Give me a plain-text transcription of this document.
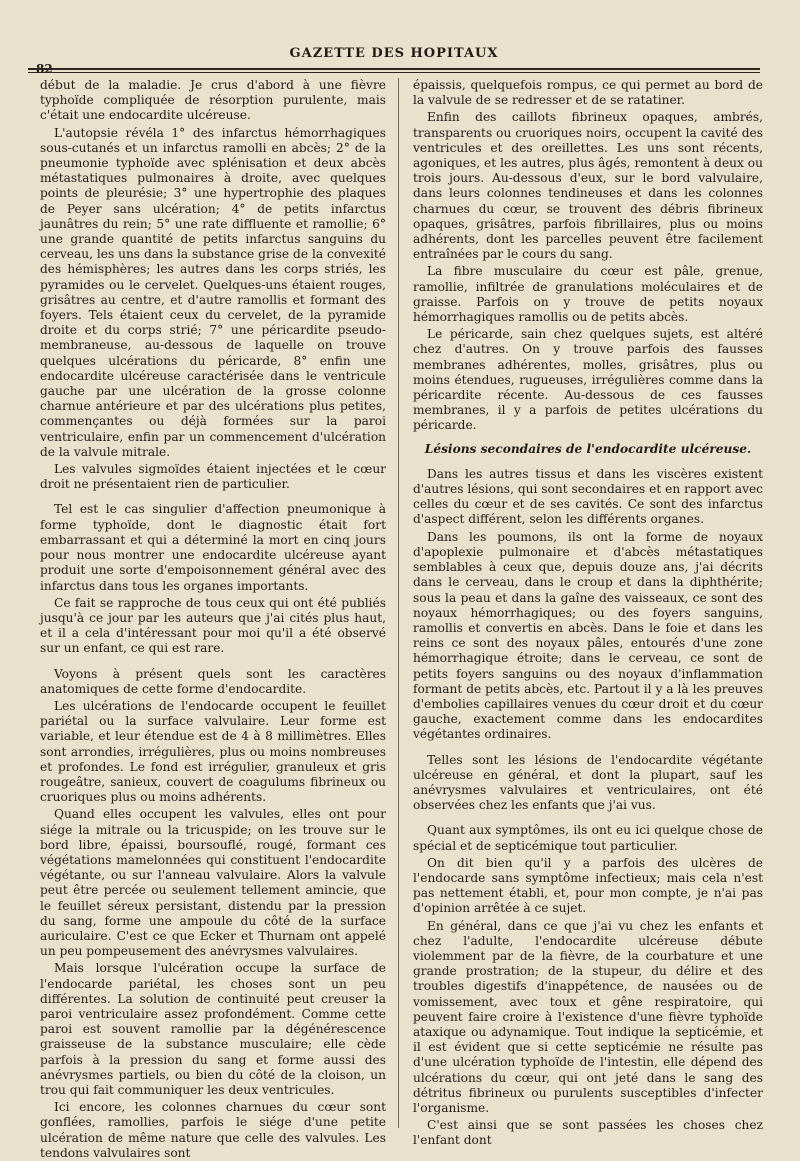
82
GAZETTE DES HOPITAUX

début de la maladie. Je crus d'abord à une fièvre typhoïde compliquée de résorption purulente, mais c'était une endocardite ulcéreuse.

L'autopsie révéla 1° des infarctus hémorrhagiques sous-cutanés et un infarctus ramolli en abcès; 2° de la pneumonie typhoïde avec splénisation et deux abcès métastatiques pulmonaires à droite, avec quelques points de pleurésie; 3° une hypertrophie des plaques de Peyer sans ulcération; 4° de petits infarctus jaunâtres du rein; 5° une rate diffluente et ramollie; 6° une grande quantité de petits infarctus sanguins du cerveau, les uns dans la substance grise de la convexité des hémisphères; les autres dans les corps striés, les pyramides ou le cervelet. Quelques-uns étaient rouges, grisâtres au centre, et d'autre ramollis et formant des foyers. Tels étaient ceux du cervelet, de la pyramide droite et du corps strié; 7° une péricardite pseudo-membraneuse, au-dessous de laquelle on trouve quelques ulcérations du péricarde, 8° enfin une endocardite ulcéreuse caractérisée dans le ventricule gauche par une ulcération de la grosse colonne charnue antérieure et par des ulcérations plus petites, commençantes ou déjà formées sur la paroi ventriculaire, enfin par un commencement d'ulcération de la valvule mitrale.

Les valvules sigmoïdes étaient injectées et le cœur droit ne présentaient rien de particulier.

Tel est le cas singulier d'affection pneumonique à forme typhoïde, dont le diagnostic était fort embarrassant et qui a déterminé la mort en cinq jours pour nous montrer une endocardite ulcéreuse ayant produit une sorte d'empoisonnement général avec des infarctus dans tous les organes importants.

Ce fait se rapproche de tous ceux qui ont été publiés jusqu'à ce jour par les auteurs que j'ai cités plus haut, et il a cela d'intéressant pour moi qu'il a été observé sur un enfant, ce qui est rare.

Voyons à présent quels sont les caractères anatomiques de cette forme d'endocardite.

Les ulcérations de l'endocarde occupent le feuillet pariétal ou la surface valvulaire. Leur forme est variable, et leur étendue est de 4 à 8 millimètres. Elles sont arrondies, irrégulières, plus ou moins nombreuses et profondes. Le fond est irrégulier, granuleux et gris rougeâtre, sanieux, couvert de coagulums fibrineux ou cruoriques plus ou moins adhérents.

Quand elles occupent les valvules, elles ont pour siége la mitrale ou la tricuspide; on les trouve sur le bord libre, épaissi, boursouflé, rougé, formant ces végétations mamelonnées qui constituent l'endocardite végétante, ou sur l'anneau valvulaire. Alors la valvule peut être percée ou seulement tellement amincie, que le feuillet séreux persistant, distendu par la pression du sang, forme une ampoule du côté de la surface auriculaire. C'est ce que Ecker et Thurnam ont appelé un peu pompeusement des anévrysmes valvulaires.

Mais lorsque l'ulcération occupe la surface de l'endocarde pariétal, les choses sont un peu différentes. La solution de continuité peut creuser la paroi ventriculaire assez profondément. Comme cette paroi est souvent ramollie par la dégénérescence graisseuse de la substance musculaire; elle cède parfois à la pression du sang et forme aussi des anévrysmes partiels, ou bien du côté de la cloison, un trou qui fait communiquer les deux ventricules.

Ici encore, les colonnes charnues du cœur sont gonflées, ramollies, parfois le siége d'une petite ulcération de même nature que celle des valvules. Les tendons valvulaires sont

épaissis, quelquefois rompus, ce qui permet au bord de la valvule de se redresser et de se ratatiner.

Enfin des caillots fibrineux opaques, ambrés, transparents ou cruoriques noirs, occupent la cavité des ventricules et des oreillettes. Les uns sont récents, agoniques, et les autres, plus âgés, remontent à deux ou trois jours. Au-dessous d'eux, sur le bord valvulaire, dans leurs colonnes tendineuses et dans les colonnes charnues du cœur, se trouvent des débris fibrineux opaques, grisâtres, parfois fibrillaires, plus ou moins adhérents, dont les parcelles peuvent être facilement entraînées par le cours du sang.

La fibre musculaire du cœur est pâle, grenue, ramollie, infiltrée de granulations moléculaires et de graisse. Parfois on y trouve de petits noyaux hémorrhagiques ramollis ou de petits abcès.

Le péricarde, sain chez quelques sujets, est altéré chez d'autres. On y trouve parfois des fausses membranes adhérentes, molles, grisâtres, plus ou moins étendues, rugueuses, irrégulières comme dans la péricardite récente. Au-dessous de ces fausses membranes, il y a parfois de petites ulcérations du péricarde.

Lésions secondaires de l'endocardite ulcéreuse.

Dans les autres tissus et dans les viscères existent d'autres lésions, qui sont secondaires et en rapport avec celles du cœur et de ses cavités. Ce sont des infarctus d'aspect différent, selon les différents organes.

Dans les poumons, ils ont la forme de noyaux d'apoplexie pulmonaire et d'abcès métastatiques semblables à ceux que, depuis douze ans, j'ai décrits dans le cerveau, dans le croup et dans la diphthérite; sous la peau et dans la gaîne des vaisseaux, ce sont des noyaux hémorrhagiques; ou des foyers sanguins, ramollis et convertis en abcès. Dans le foie et dans les reins ce sont des noyaux pâles, entourés d'une zone hémorrhagique étroite; dans le cerveau, ce sont de petits foyers sanguins ou des noyaux d'inflammation formant de petits abcès, etc. Partout il y a là les preuves d'embolies capillaires venues du cœur droit et du cœur gauche, exactement comme dans les endocardites végétantes ordinaires.

Telles sont les lésions de l'endocardite végétante ulcéreuse en général, et dont la plupart, sauf les anévrysmes valvulaires et ventriculaires, ont été observées chez les enfants que j'ai vus.

Quant aux symptômes, ils ont eu ici quelque chose de spécial et de septicémique tout particulier.

On dit bien qu'il y a parfois des ulcères de l'endocarde sans symptôme infectieux; mais cela n'est pas nettement établi, et, pour mon compte, je n'ai pas d'opinion arrêtée à ce sujet.

En général, dans ce que j'ai vu chez les enfants et chez l'adulte, l'endocardite ulcéreuse débute violemment par de la fièvre, de la courbature et une grande prostration; de la stupeur, du délire et des troubles digestifs d'inappétence, de nausées ou de vomissement, avec toux et gêne respiratoire, qui peuvent faire croire à l'existence d'une fièvre typhoïde ataxique ou adynamique. Tout indique la septicémie, et il est évident que si cette septicémie ne résulte pas d'une ulcération typhoïde de l'intestin, elle dépend des ulcérations du cœur, qui ont jeté dans le sang des détritus fibrineux ou purulents susceptibles d'infecter l'organisme.

C'est ainsi que se sont passées les choses chez l'enfant dont
